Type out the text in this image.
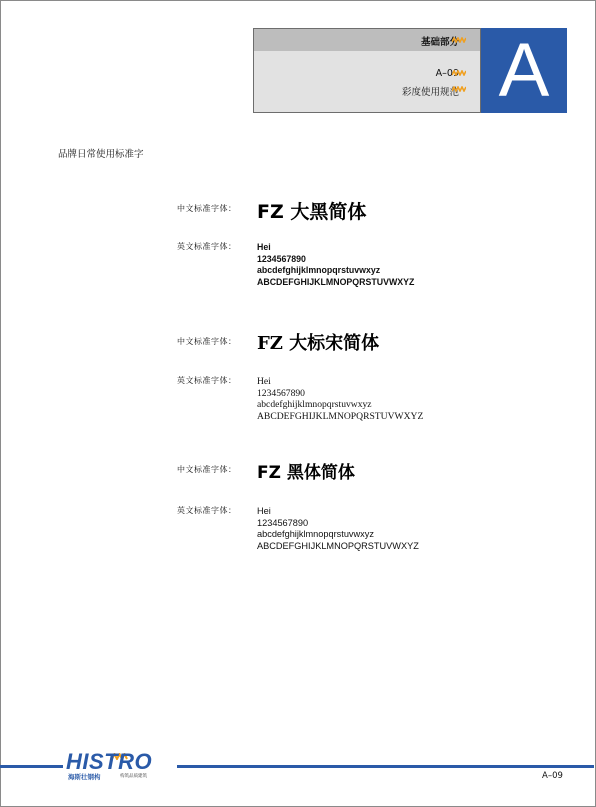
A
基础部分
A–09
彩度使用规范
品牌日常使用标准字
中文标准字体： FZ 大黑简体
英文标准字体： Hei
1234567890
abcdefghijklmnopqrstuvwxyz
ABCDEFGHIJKLMNOPQRSTUVWXYZ
中文标准字体： FZ 大标宋简体
英文标准字体： Hei
1234567890
abcdefghijklmnopqrstuvwxyz
ABCDEFGHIJKLMNOPQRSTUVWXYZ
中文标准字体： FZ 黑体简体
英文标准字体： Hei
1234567890
abcdefghijklmnopqrstuvwxyz
ABCDEFGHIJKLMNOPQRSTUVWXYZ
HISTRO
海斯壮钢构	构筑品质建筑	A–09
